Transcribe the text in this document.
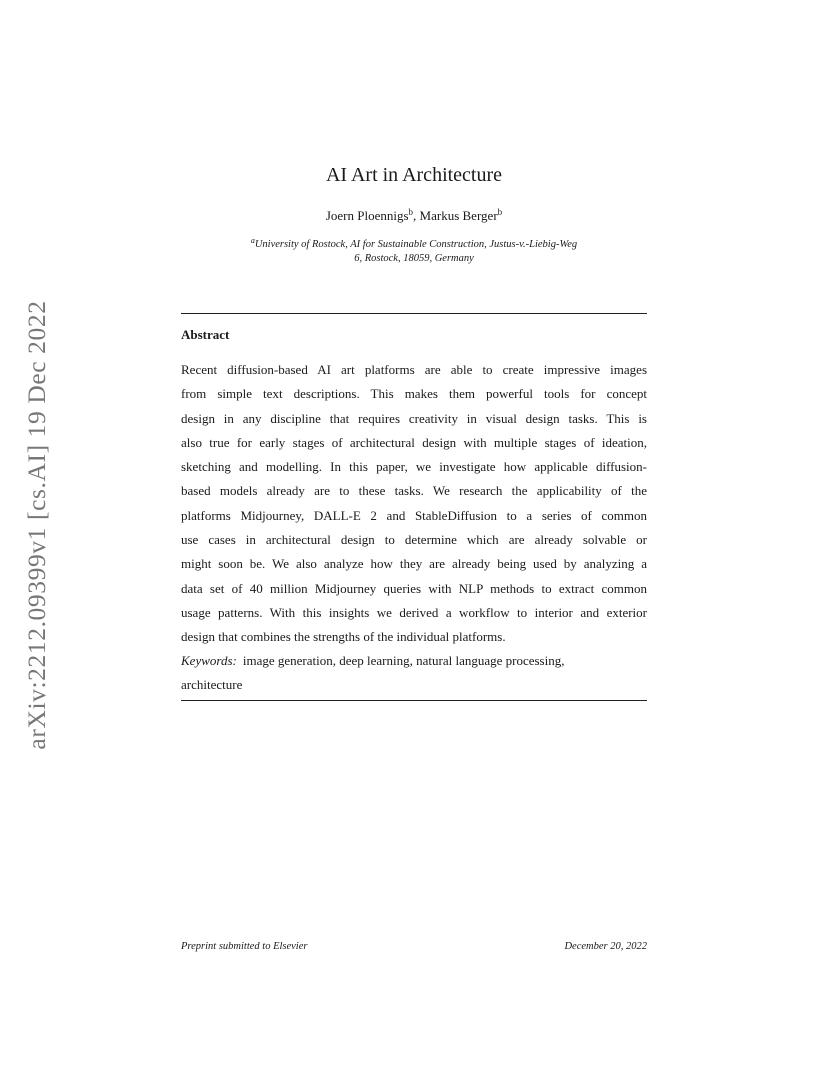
arXiv:2212.09399v1 [cs.AI] 19 Dec 2022
AI Art in Architecture
Joern Ploennigs$^b$, Markus Berger$^b$
$^a$University of Rostock, AI for Sustainable Construction, Justus-v.-Liebig-Weg
6, Rostock, 18059, Germany
Abstract
Recent diffusion-based AI art platforms are able to create impressive images
from simple text descriptions. This makes them powerful tools for concept
design in any discipline that requires creativity in visual design tasks. This is
also true for early stages of architectural design with multiple stages of ideation,
sketching and modelling. In this paper, we investigate how applicable diffusion-
based models already are to these tasks. We research the applicability of the
platforms Midjourney, DALL-E 2 and StableDiffusion to a series of common
use cases in architectural design to determine which are already solvable or
might soon be. We also analyze how they are already being used by analyzing a
data set of 40 million Midjourney queries with NLP methods to extract common
usage patterns. With this insights we derived a workflow to interior and exterior
design that combines the strengths of the individual platforms.
Keywords: image generation, deep learning, natural language processing,
architecture
Preprint submitted to Elsevier	December 20, 2022
